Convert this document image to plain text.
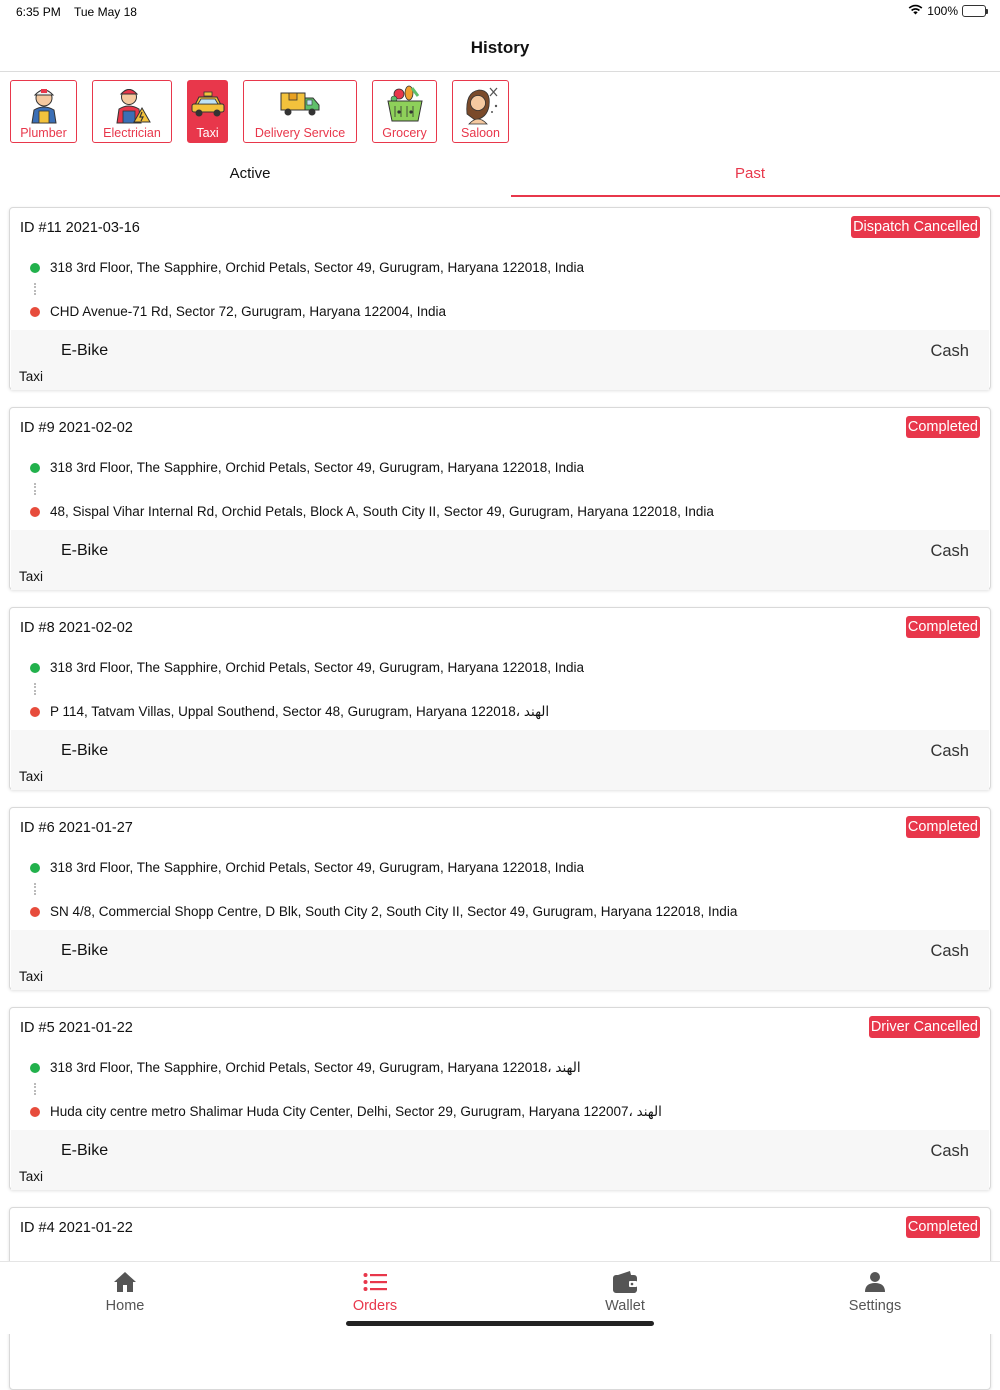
6:35 PM Tue May 18	100%
History
Plumber	Electrician	Taxi	Delivery Service	Grocery	Saloon
Active	Past
ID #11 2021-03-16	Dispatch Cancelled
318 3rd Floor, The Sapphire, Orchid Petals, Sector 49, Gurugram, Haryana 122018, India
CHD Avenue-71 Rd, Sector 72, Gurugram, Haryana 122004, India
E-Bike	Cash
Taxi
ID #9 2021-02-02	Completed
318 3rd Floor, The Sapphire, Orchid Petals, Sector 49, Gurugram, Haryana 122018, India
48, Sispal Vihar Internal Rd, Orchid Petals, Block A, South City II, Sector 49, Gurugram, Haryana 122018, India
E-Bike	Cash
Taxi
ID #8 2021-02-02	Completed
318 3rd Floor, The Sapphire, Orchid Petals, Sector 49, Gurugram, Haryana 122018, India
P 114, Tatvam Villas, Uppal Southend, Sector 48, Gurugram, Haryana 122018، الهند
E-Bike	Cash
Taxi
ID #6 2021-01-27	Completed
318 3rd Floor, The Sapphire, Orchid Petals, Sector 49, Gurugram, Haryana 122018, India
SN 4/8, Commercial Shopp Centre, D Blk, South City 2, South City II, Sector 49, Gurugram, Haryana 122018, India
E-Bike	Cash
Taxi
ID #5 2021-01-22	Driver Cancelled
318 3rd Floor, The Sapphire, Orchid Petals, Sector 49, Gurugram, Haryana 122018، الهند
Huda city centre metro Shalimar Huda City Center, Delhi, Sector 29, Gurugram, Haryana 122007، الهند
E-Bike	Cash
Taxi
ID #4 2021-01-22	Completed
Home	Orders	Wallet	Settings
